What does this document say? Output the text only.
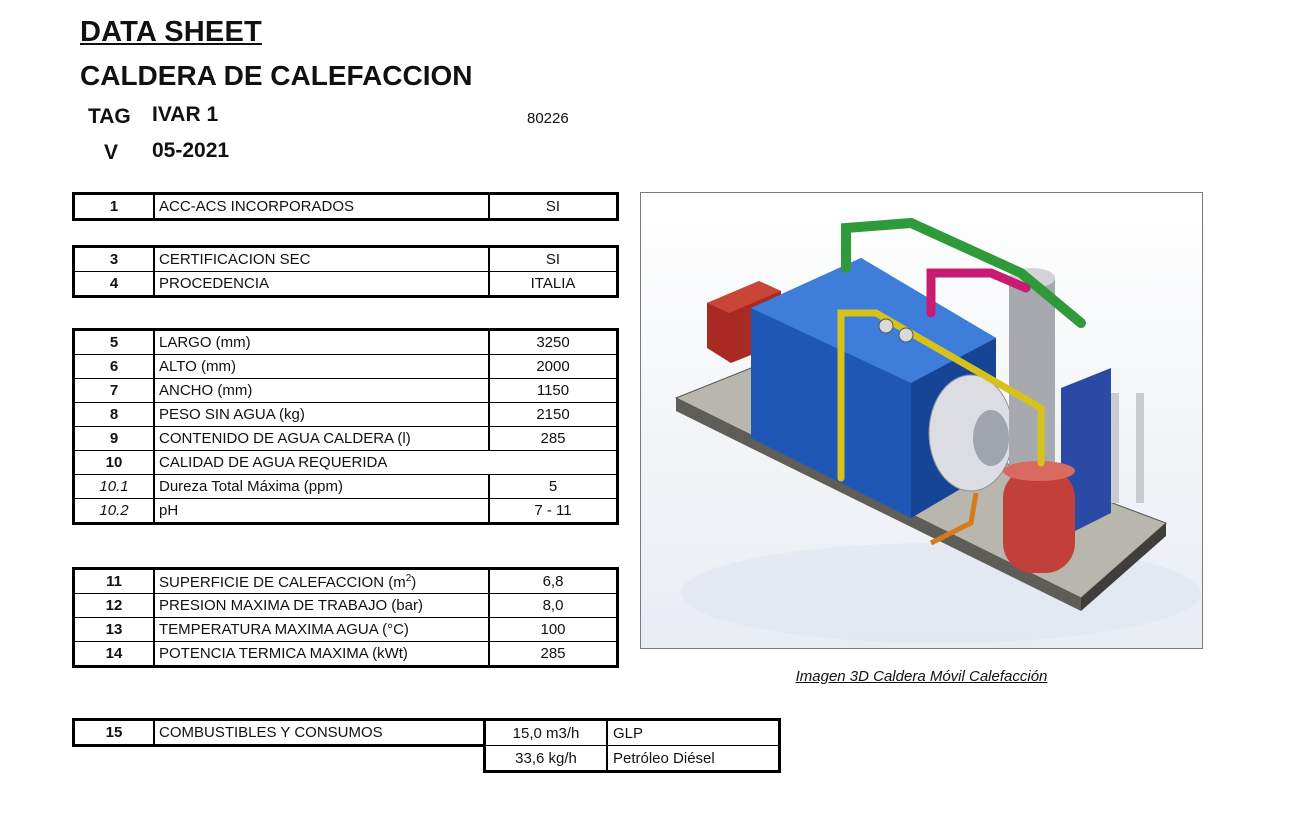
DATA SHEET
CALDERA DE CALEFACCION
TAG IVAR 1	80226
V 05-2021
1	ACC-ACS INCORPORADOS	SI
3	CERTIFICACION SEC	SI
4	PROCEDENCIA	ITALIA
5	LARGO (mm)	3250
6	ALTO (mm)	2000
7	ANCHO (mm)	1150
8	PESO SIN AGUA (kg)	2150
9	CONTENIDO DE AGUA CALDERA (l)	285
10	CALIDAD DE AGUA REQUERIDA	
10.1	Dureza Total Máxima (ppm)	5
10.2	pH	7 - 11
11	SUPERFICIE DE CALEFACCION $(m^2)$	6,8
12	PRESION MAXIMA DE TRABAJO (bar)	8,0
13	TEMPERATURA MAXIMA AGUA (°C)	100
14	POTENCIA TERMICA MAXIMA (kWt)	285
15	COMBUSTIBLES Y CONSUMOS	15,0 m3/h	GLP
33,6 kg/h	Petróleo Diésel
Imagen 3D Caldera Móvil Calefacción
